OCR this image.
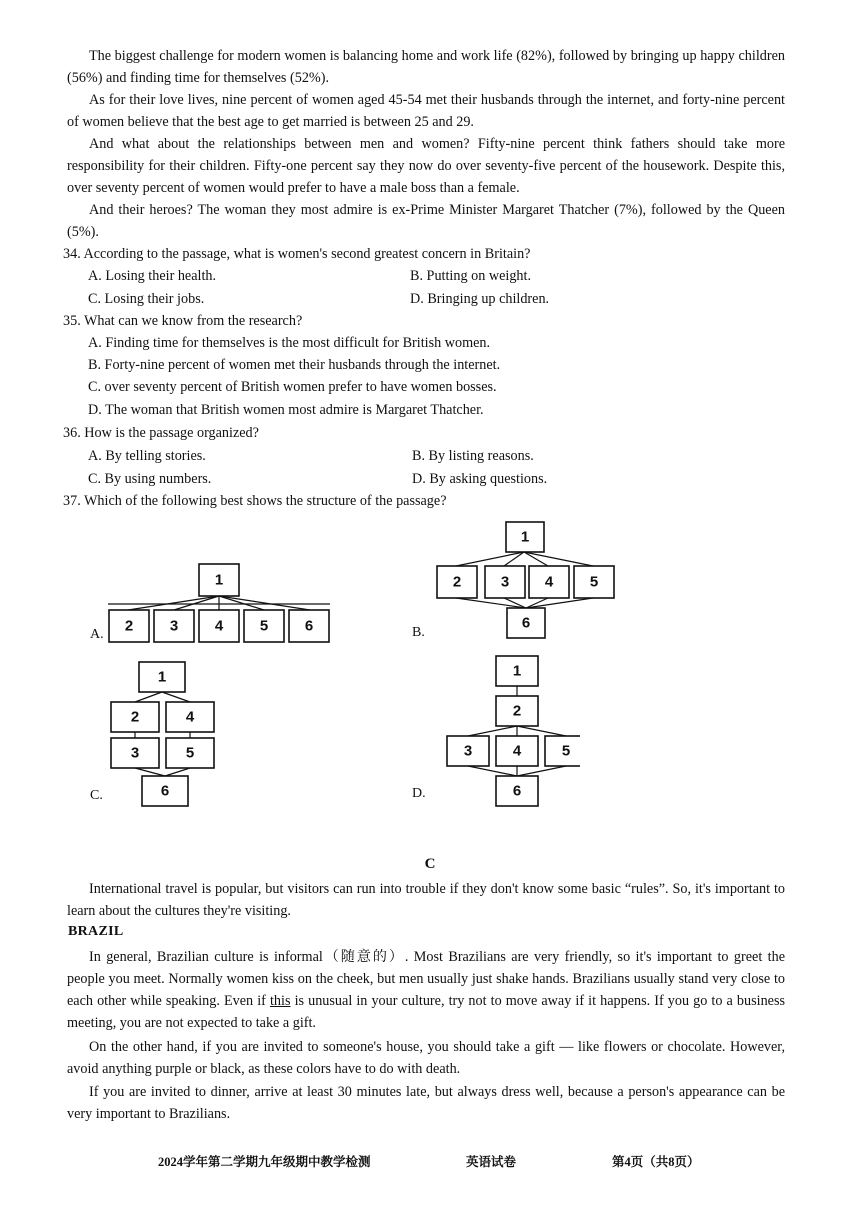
The biggest challenge for modern women is balancing home and work life (82%), followed by bringing up happy children (56%) and finding time for themselves (52%).

As for their love lives, nine percent of women aged 45-54 met their husbands through the internet, and forty-nine percent of women believe that the best age to get married is between 25 and 29.

And what about the relationships between men and women? Fifty-nine percent think fathers should take more responsibility for their children. Fifty-one percent say they now do over seventy-five percent of the housework. Despite this, over seventy percent of women would prefer to have a male boss than a female.

And their heroes? The woman they most admire is ex-Prime Minister Margaret Thatcher (7%), followed by the Queen (5%).

34. According to the passage, what is women's second greatest concern in Britain?
A. Losing their health.	B. Putting on weight.
C. Losing their jobs.	D. Bringing up children.
35. What can we know from the research?
A. Finding time for themselves is the most difficult for British women.
B. Forty-nine percent of women met their husbands through the internet.
C. over seventy percent of British women prefer to have women bosses.
D. The woman that British women most admire is Margaret Thatcher.
36. How is the passage organized?
A. By telling stories.	B. By listing reasons.
C. By using numbers.	D. By asking questions.
37. Which of the following best shows the structure of the passage?
A.
1
2 3 4 5 6	B.
1
2	3 4 5
6
C.
1
2	4
3	5
6	D.
1
2
3	4	5
6
C

International travel is popular, but visitors can run into trouble if they don't know some basic “rules”. So, it's important to learn about the cultures they're visiting.

BRAZIL

In general, Brazilian culture is informal（随意的）. Most Brazilians are very friendly, so it's important to greet the people you meet. Normally women kiss on the cheek, but men usually just shake hands. Brazilians usually stand very close to each other while speaking. Even if this is unusual in your culture, try not to move away if it happens. If you go to a business meeting, you are not expected to take a gift.

On the other hand, if you are invited to someone's house, you should take a gift — like flowers or chocolate. However, avoid anything purple or black, as these colors have to do with death.

If you are invited to dinner, arrive at least 30 minutes late, but always dress well, because a person's appearance can be very important to Brazilians.

2024学年第二学期九年级期中教学检测	英语试卷	第4页（共8页）
